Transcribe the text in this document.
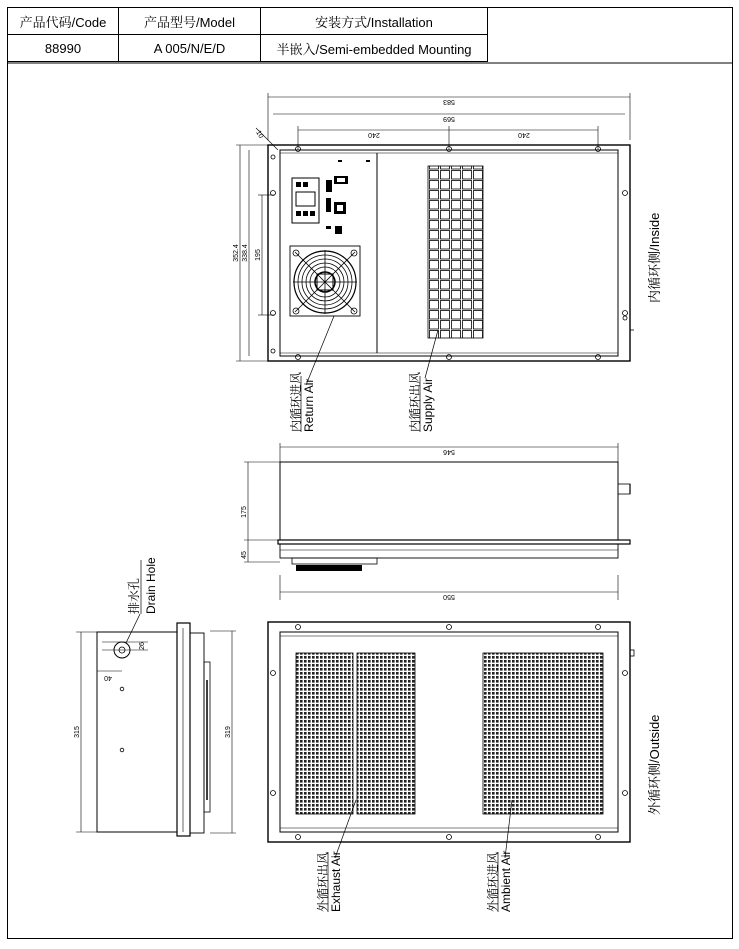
产品代码/Code	产品型号/Model	安装方式/Installation
88990	A 005/N/E/D	半嵌入/Semi-embedded Mounting
583
569
240	240
10
352.4 338.4 195
内循环进风 Return Air	内循环出风 Supply Air
内循环侧/Inside
546
175
45
550
26
40
315	319
排水孔 Drain Hole
外循环出风 Exhaust Air	外循环进风 Ambient Air
外循环侧/Outside
